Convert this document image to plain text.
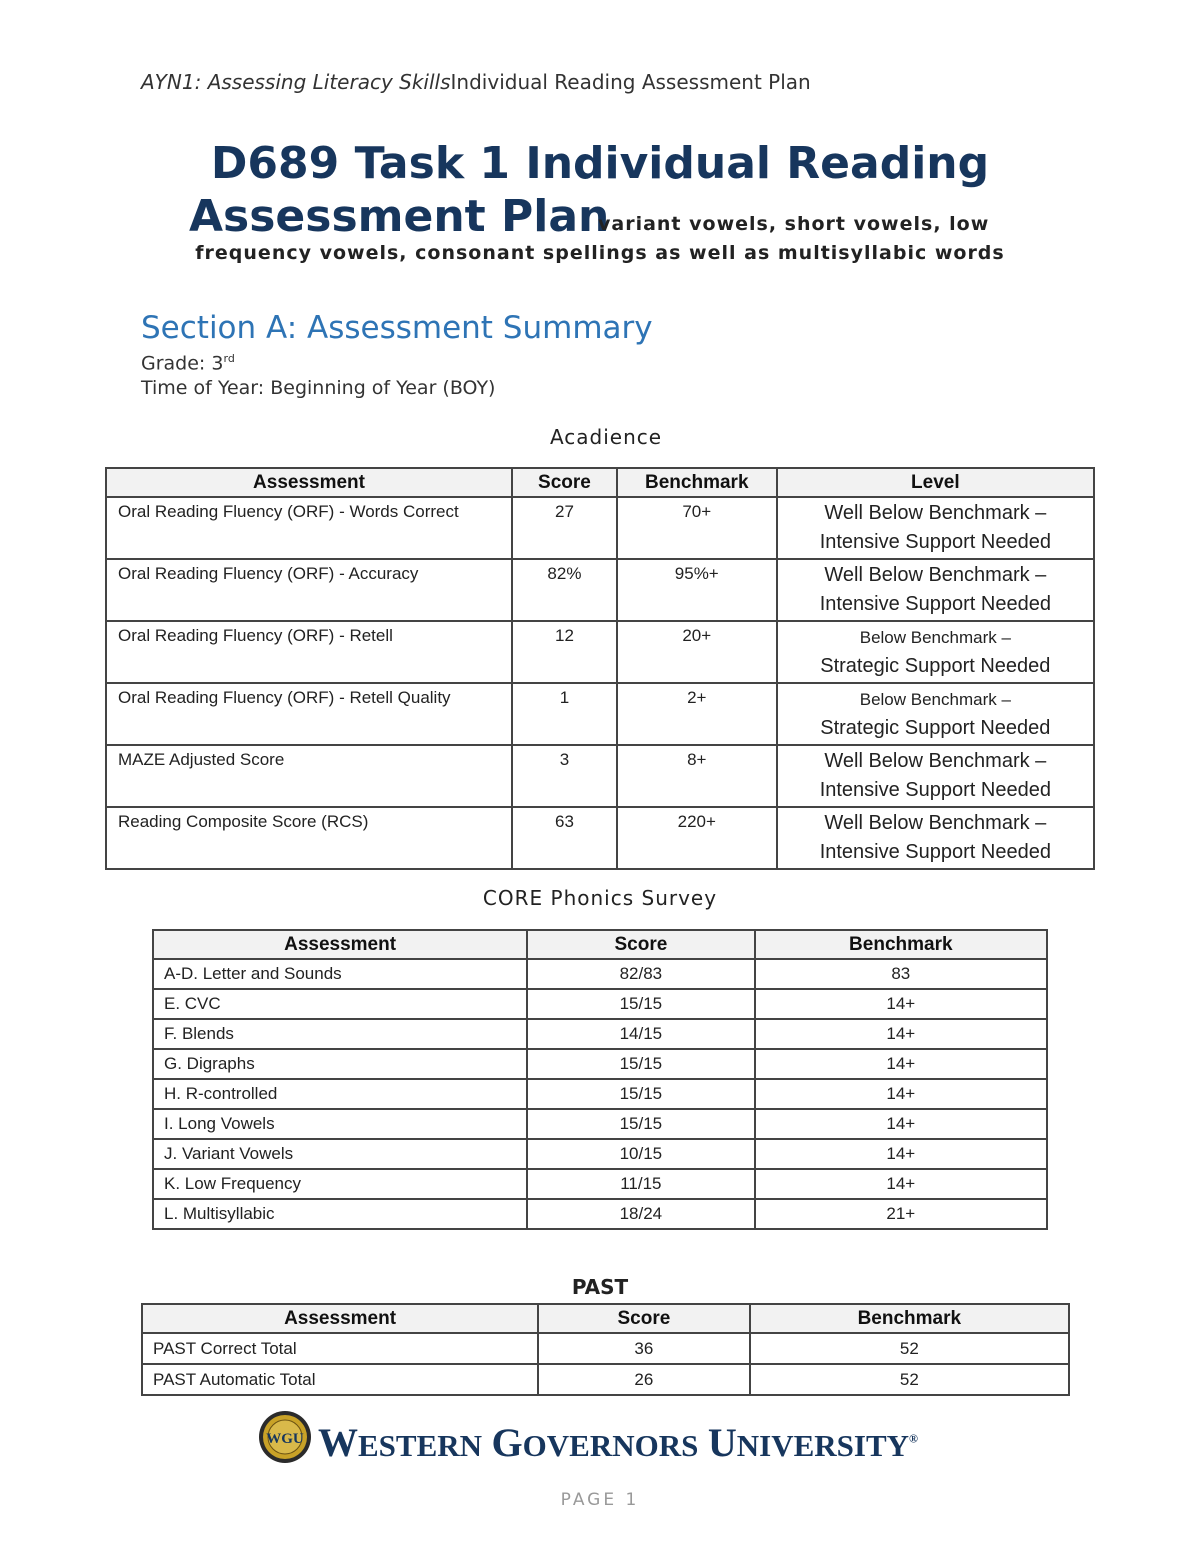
AYN1: Assessing Literacy SkillsIndividual Reading Assessment Plan
D689 Task 1 Individual Reading
Assessment Plan
variant vowels, short vowels, low
frequency vowels, consonant spellings as well as multisyllabic words
Section A: Assessment Summary
Grade: 3rd
Time of Year: Beginning of Year (BOY)
Acadience
Assessment	Score	Benchmark	Level
Oral Reading Fluency (ORF) - Words Correct	27	70+	Well Below Benchmark –
Intensive Support Needed
Oral Reading Fluency (ORF) - Accuracy	82%	95%+	Well Below Benchmark –
Intensive Support Needed
Oral Reading Fluency (ORF) - Retell	12	20+	Below Benchmark –
Strategic Support Needed
Oral Reading Fluency (ORF) - Retell Quality	1	2+	Below Benchmark –
Strategic Support Needed
MAZE Adjusted Score	3	8+	Well Below Benchmark –
Intensive Support Needed
Reading Composite Score (RCS)	63	220+	Well Below Benchmark –
Intensive Support Needed
CORE Phonics Survey
Assessment	Score	Benchmark
A-D. Letter and Sounds	82/83	83
E. CVC	15/15	14+
F. Blends	14/15	14+
G. Digraphs	15/15	14+
H. R-controlled	15/15	14+
I. Long Vowels	15/15	14+
J. Variant Vowels	10/15	14+
K. Low Frequency	11/15	14+
L. Multisyllabic	18/24	21+
PAST
Assessment	Score	Benchmark
PAST Correct Total	36	52
PAST Automatic Total	26	52
WGU WESTERN GOVERNORS UNIVERSITY®
PAGE 1
